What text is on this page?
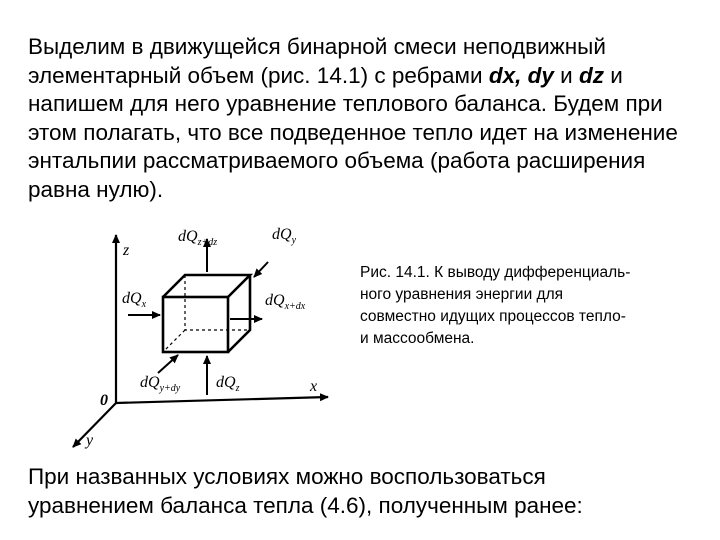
Выделим в движущейся бинарной смеси неподвижный элементарный объем (рис. 14.1) с ребрами dx, dy и dz и напишем для него уравнение теплового баланса. Будем при этом полагать, что все подведенное тепло идет на изменение энтальпии рассматриваемого объема (работа расширения равна нулю).
z
x
y
0
$dQ_{z+dz}$	$dQ_y$
$dQ_x$	$dQ_{x+dx}$
$dQ_{y+dy}$ $dQ_z$
Рис. 14.1. К выводу дифференциаль-
ного уравнения энергии для
совместно идущих процессов тепло-
и массообмена.
При названных условиях можно воспользоваться
уравнением баланса тепла (4.6), полученным ранее:
